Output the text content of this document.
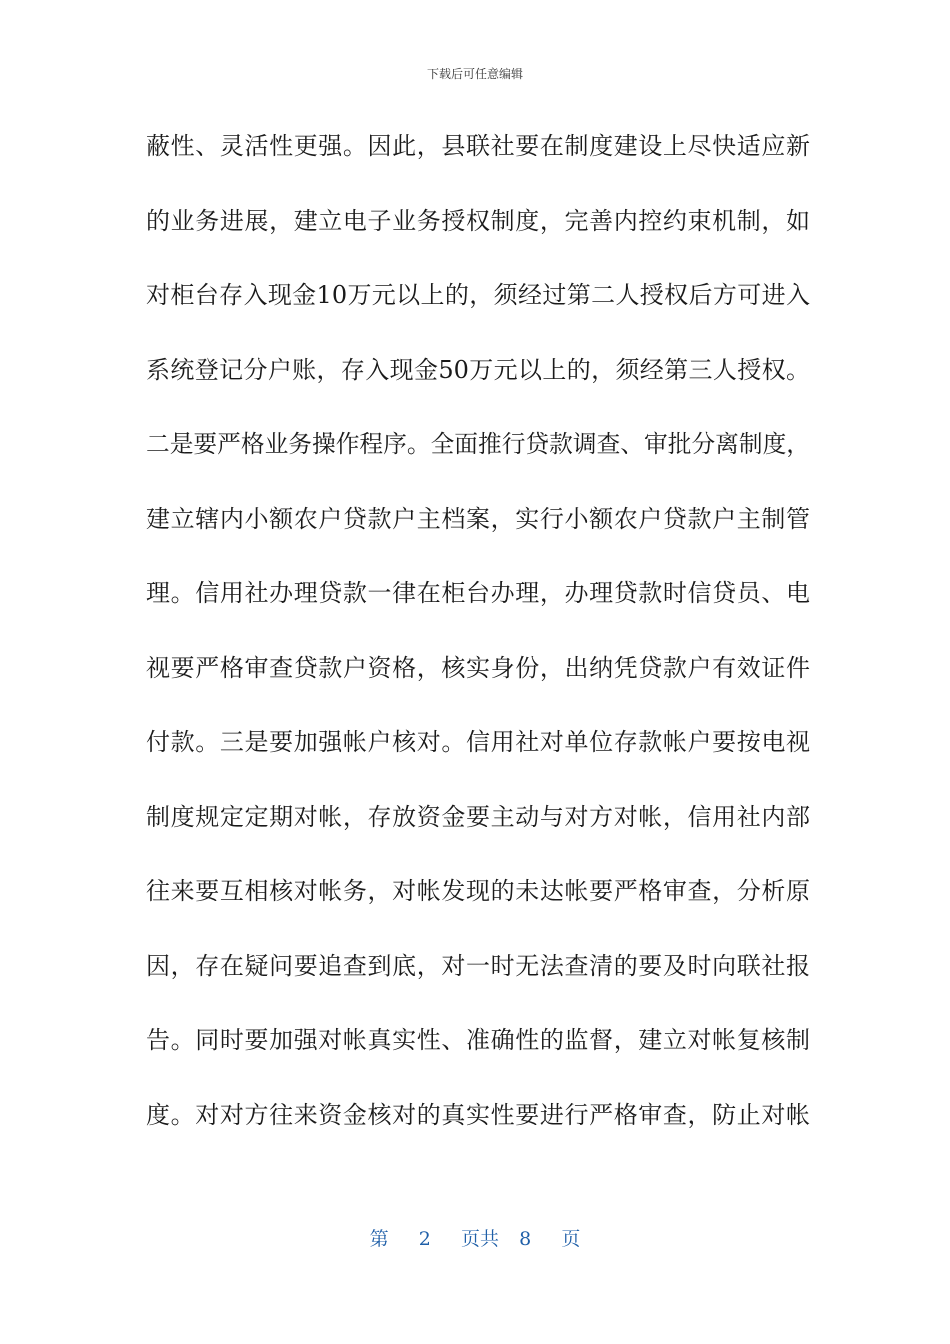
下载后可任意编辑
蔽性、灵活性更强。因此，县联社要在制度建设上尽快适应新
的业务进展，建立电子业务授权制度，完善内控约束机制，如
对柜台存入现金10万元以上的，须经过第二人授权后方可进入
系统登记分户账，存入现金50万元以上的，须经第三人授权。
二是要严格业务操作程序。全面推行贷款调查、审批分离制度，
建立辖内小额农户贷款户主档案，实行小额农户贷款户主制管
理。信用社办理贷款一律在柜台办理，办理贷款时信贷员、电
视要严格审查贷款户资格，核实身份，出纳凭贷款户有效证件
付款。三是要加强帐户核对。信用社对单位存款帐户要按电视
制度规定定期对帐，存放资金要主动与对方对帐，信用社内部
往来要互相核对帐务，对帐发现的未达帐要严格审查，分析原
因，存在疑问要追查到底，对一时无法查清的要及时向联社报
告。同时要加强对帐真实性、准确性的监督，建立对帐复核制
度。对对方往来资金核对的真实性要进行严格审查，防止对帐
第 2 页共 8 页
